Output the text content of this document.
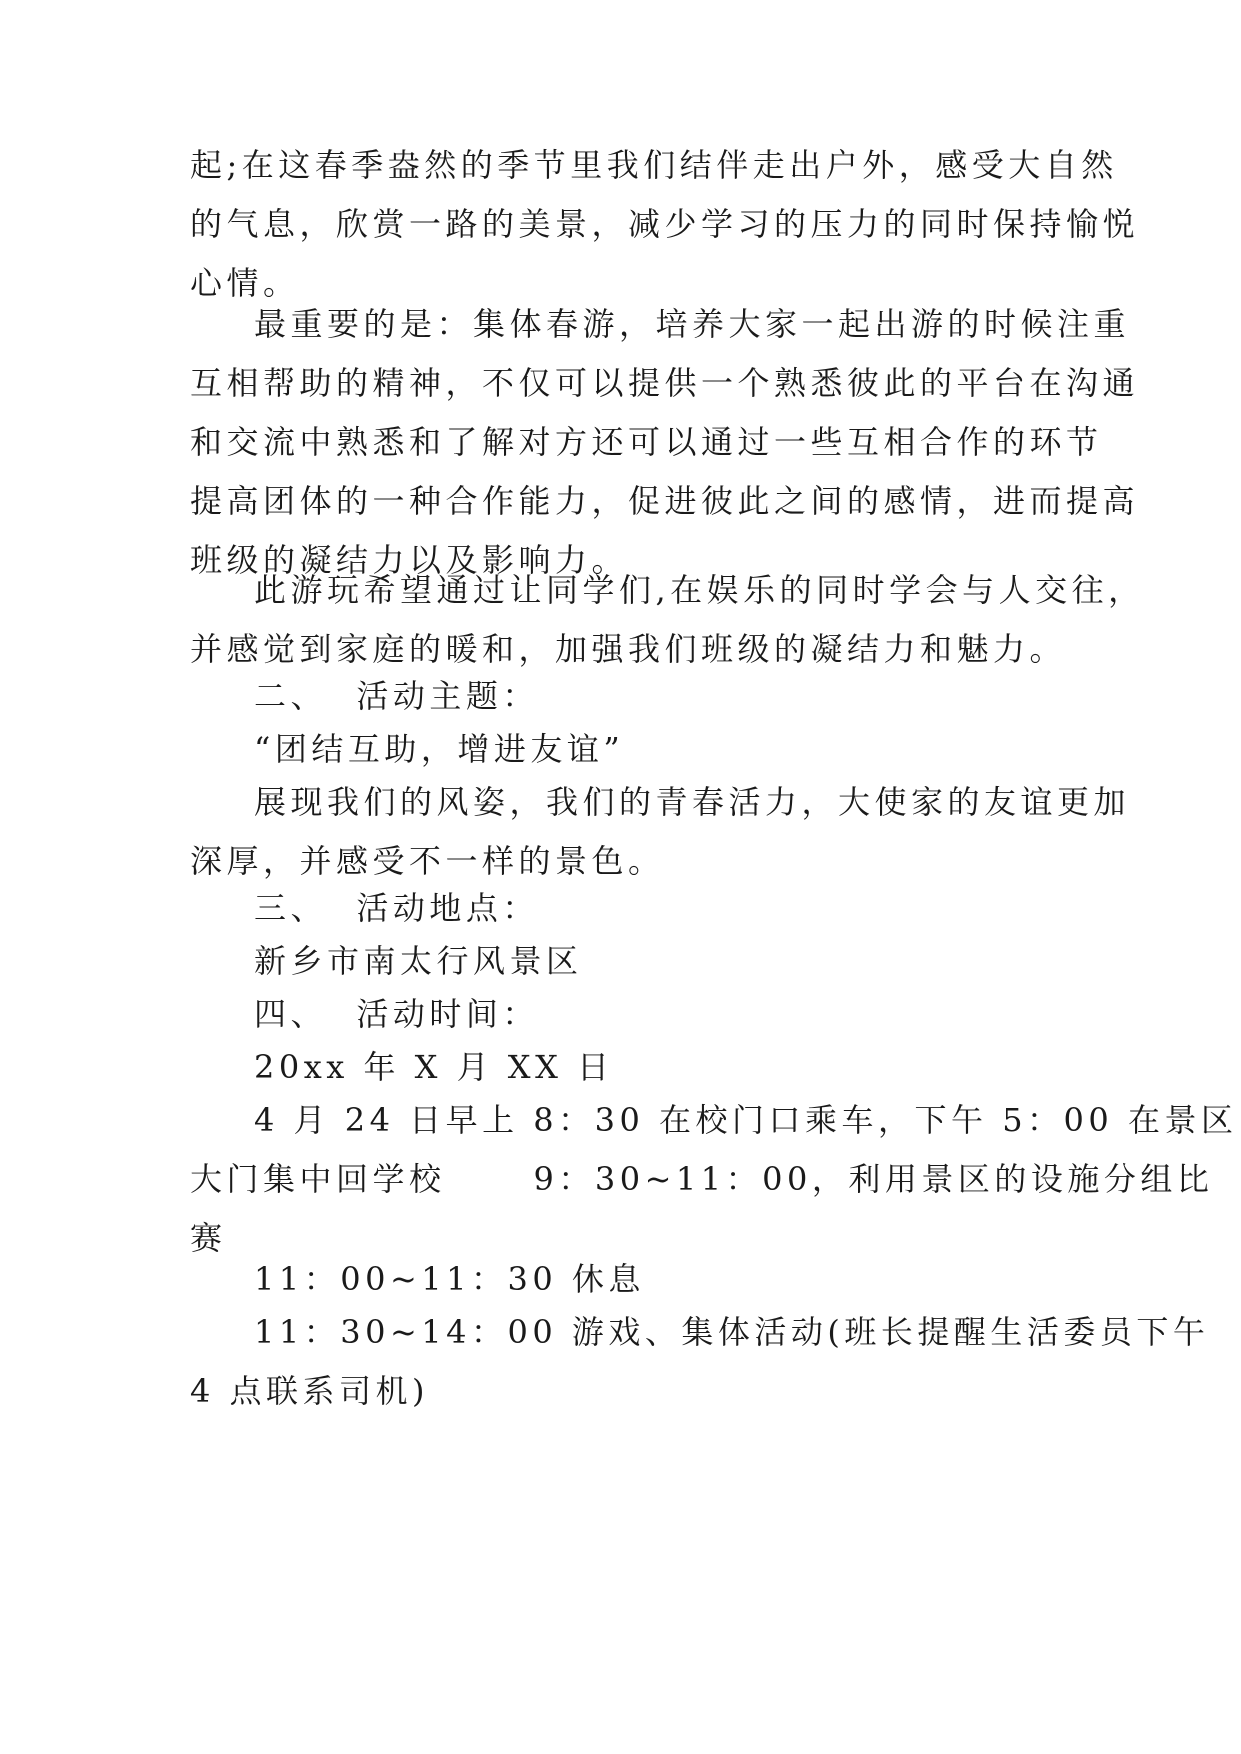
起;在这春季盎然的季节里我们结伴走出户外，感受大自然
的气息，欣赏一路的美景，减少学习的压力的同时保持愉悦
心情。

最重要的是：集体春游，培养大家一起出游的时候注重
互相帮助的精神，不仅可以提供一个熟悉彼此的平台在沟通
和交流中熟悉和了解对方还可以通过一些互相合作的环节
提高团体的一种合作能力，促进彼此之间的感情，进而提高
班级的凝结力以及影响力。

此游玩希望通过让同学们,在娱乐的同时学会与人交往，
并感觉到家庭的暖和，加强我们班级的凝结力和魅力。

二、  活动主题：

“团结互助，增进友谊”

展现我们的风姿，我们的青春活力，大使家的友谊更加
深厚，并感受不一样的景色。

三、  活动地点：

新乡市南太行风景区

四、  活动时间：

20xx 年 X 月 XX 日

4 月 24 日早上 8：30 在校门口乘车，下午 5：00 在景区
大门集中回学校      9：30~11：00，利用景区的设施分组比
赛

11：00~11：30 休息

11：30~14：00 游戏、集体活动(班长提醒生活委员下午
4 点联系司机)
